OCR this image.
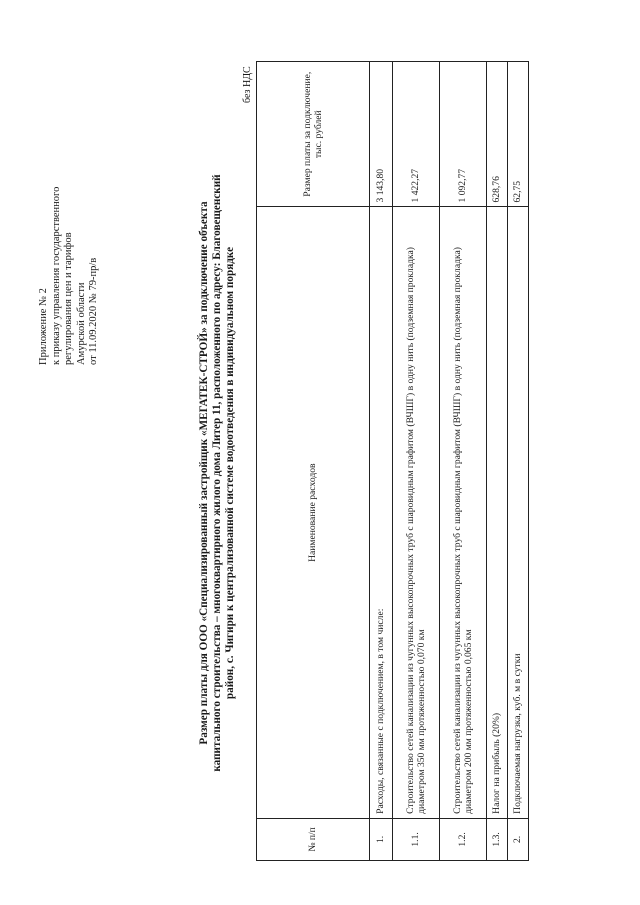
Приложение № 2 к приказу управления государственного регулирования цен и тарифов Амурской области от 11.09.2020 № 79-пр/в	Размер платы для ООО «Специализированный застройщик «МЕГАТЕК-СТРОЙ» за подключение объекта капитального строительства – многоквартирного жилого дома Литер 11, расположенного по адресу: Благовещенский район, с. Чигири к централизованной системе водоотведения в индивидуальном порядке
без НДС
№ п/п	Наименование расходов	Размер платы за подключение, тыс. рублей
1.	Расходы, связанные с подключением, в том числе:	3 143,80
1.1.	Строительство сетей канализации из чугунных высокопрочных труб с шаровидным графитом (ВЧШГ) в одну нить (подземная прокладка) диаметром 350 мм протяженностью 0,070 км	1 422,27
1.2.	Строительство сетей канализации из чугунных высокопрочных труб с шаровидным графитом (ВЧШГ) в одну нить (подземная прокладка) диаметром 200 мм протяженностью 0,065 км	1 092,77
1.3.	Налог на прибыль (20%)	628,76
2.	Подключаемая нагрузка, куб. м в сутки	62,75
